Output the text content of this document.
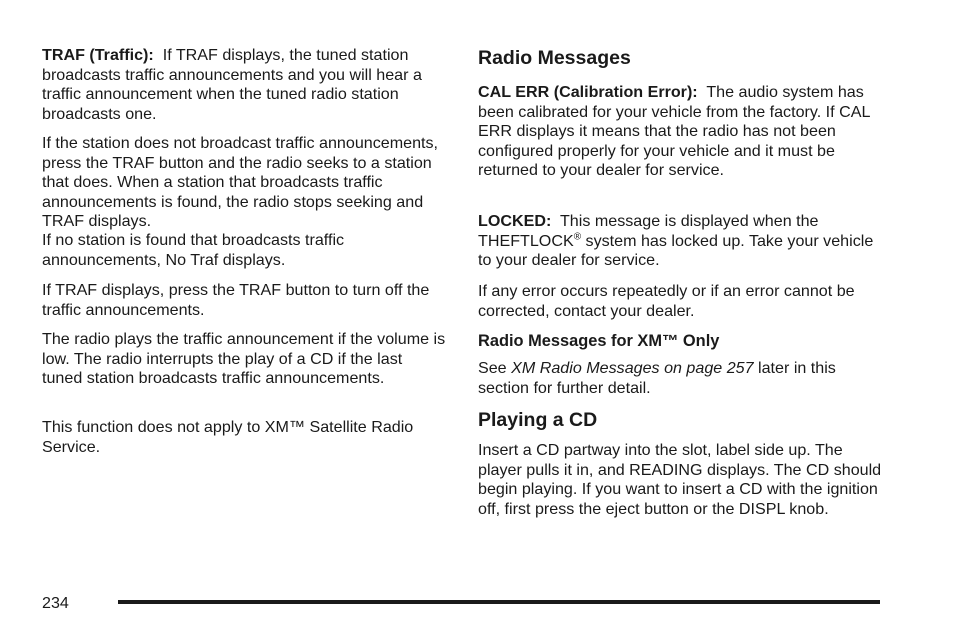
TRAF (Traffic): If TRAF displays, the tuned station broadcasts traffic announcements and you will hear a traffic announcement when the tuned radio station broadcasts one.

If the station does not broadcast traffic announcements, press the TRAF button and the radio seeks to a station that does. When a station that broadcasts traffic announcements is found, the radio stops seeking and TRAF displays.

If no station is found that broadcasts traffic announcements, No Traf displays.

If TRAF displays, press the TRAF button to turn off the traffic announcements.

The radio plays the traffic announcement if the volume is low. The radio interrupts the play of a CD if the last tuned station broadcasts traffic announcements.

This function does not apply to XM™ Satellite Radio Service.

Radio Messages

CAL ERR (Calibration Error): The audio system has been calibrated for your vehicle from the factory. If CAL ERR displays it means that the radio has not been configured properly for your vehicle and it must be returned to your dealer for service.

LOCKED: This message is displayed when the THEFTLOCK® system has locked up. Take your vehicle to your dealer for service.

If any error occurs repeatedly or if an error cannot be corrected, contact your dealer.

Radio Messages for XM™ Only

See XM Radio Messages on page 257 later in this section for further detail.

Playing a CD

Insert a CD partway into the slot, label side up. The player pulls it in, and READING displays. The CD should begin playing. If you want to insert a CD with the ignition off, first press the eject button or the DISPL knob.

234
